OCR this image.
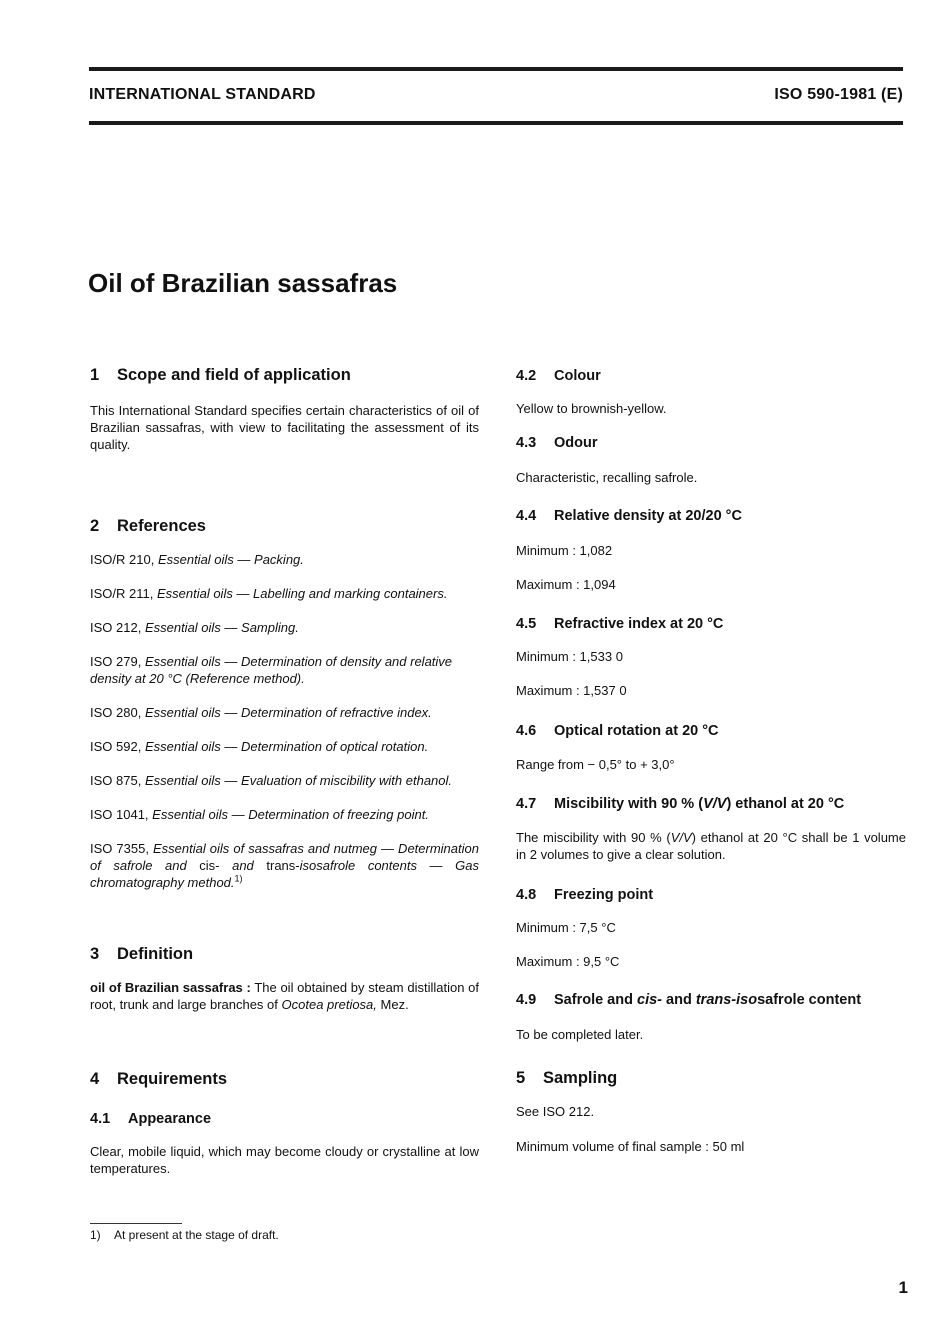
INTERNATIONAL STANDARD	ISO 590-1981 (E)
Oil of Brazilian sassafras
1 Scope and field of application

This International Standard specifies certain characteristics of oil of Brazilian sassafras, with view to facilitating the assessment of its quality.

2 References

ISO/R 210, Essential oils — Packing.

ISO/R 211, Essential oils — Labelling and marking containers.

ISO 212, Essential oils — Sampling.

ISO 279, Essential oils — Determination of density and relative density at 20 °C (Reference method).

ISO 280, Essential oils — Determination of refractive index.

ISO 592, Essential oils — Determination of optical rotation.

ISO 875, Essential oils — Evaluation of miscibility with ethanol.

ISO 1041, Essential oils — Determination of freezing point.

ISO 7355, Essential oils of sassafras and nutmeg — Determination of safrole and cis- and trans-isosafrole contents — Gas chromatography method.$^{1)}$

3 Definition

oil of Brazilian sassafras : The oil obtained by steam distillation of root, trunk and large branches of Ocotea pretiosa, Mez.

4 Requirements
4.1 Appearance

Clear, mobile liquid, which may become cloudy or crystalline at low temperatures.

4.2 Colour

Yellow to brownish-yellow.

4.3 Odour

Characteristic, recalling safrole.

4.4 Relative density at 20/20 °C

Minimum : 1,082

Maximum : 1,094

4.5 Refractive index at 20 °C

Minimum : 1,533 0

Maximum : 1,537 0

4.6 Optical rotation at 20 °C

Range from − 0,5° to + 3,0°

4.7 Miscibility with 90 % (V/V) ethanol at 20 °C

The miscibility with 90 % (V/V) ethanol at 20 °C shall be 1 volume in 2 volumes to give a clear solution.

4.8 Freezing point

Minimum : 7,5 °C

Maximum : 9,5 °C

4.9 Safrole and cis- and trans-isosafrole content

To be completed later.

5 Sampling

See ISO 212.

Minimum volume of final sample : 50 ml

1) At present at the stage of draft.
1
